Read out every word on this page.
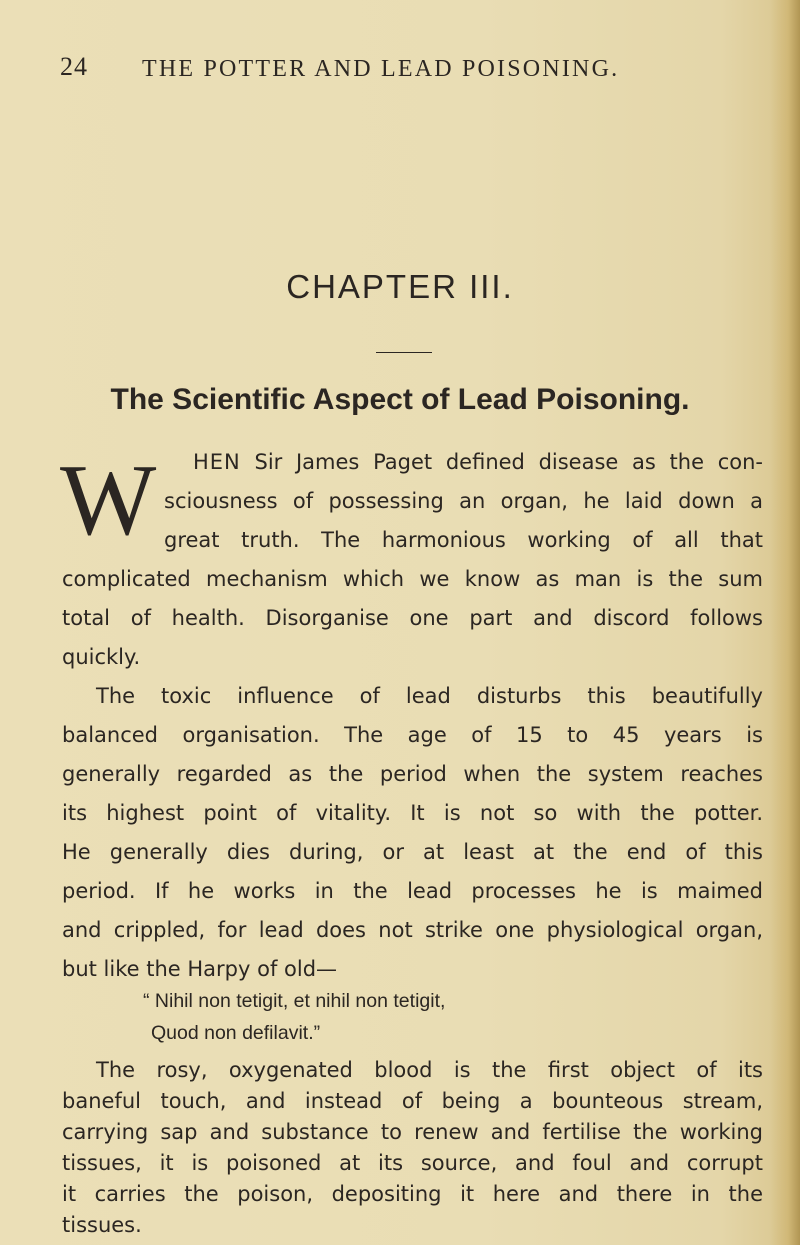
24 THE POTTER AND LEAD POISONING.
CHAPTER III.
The Scientific Aspect of Lead Poisoning.
W HEN Sir James Paget defined disease as the con-
sciousness of possessing an organ, he laid down a
great truth. The harmonious working of all that
complicated mechanism which we know as man is the sum
total of health. Disorganise one part and discord follows
quickly.
The toxic influence of lead disturbs this beautifully
balanced organisation. The age of 15 to 45 years is
generally regarded as the period when the system reaches
its highest point of vitality. It is not so with the potter.
He generally dies during, or at least at the end of this
period. If he works in the lead processes he is maimed
and crippled, for lead does not strike one physiological organ,
but like the Harpy of old—
“ Nihil non tetigit, et nihil non tetigit,
Quod non defilavit.”
The rosy, oxygenated blood is the first object of its
baneful touch, and instead of being a bounteous stream,
carrying sap and substance to renew and fertilise the working
tissues, it is poisoned at its source, and foul and corrupt
it carries the poison, depositing it here and there in the
tissues.
